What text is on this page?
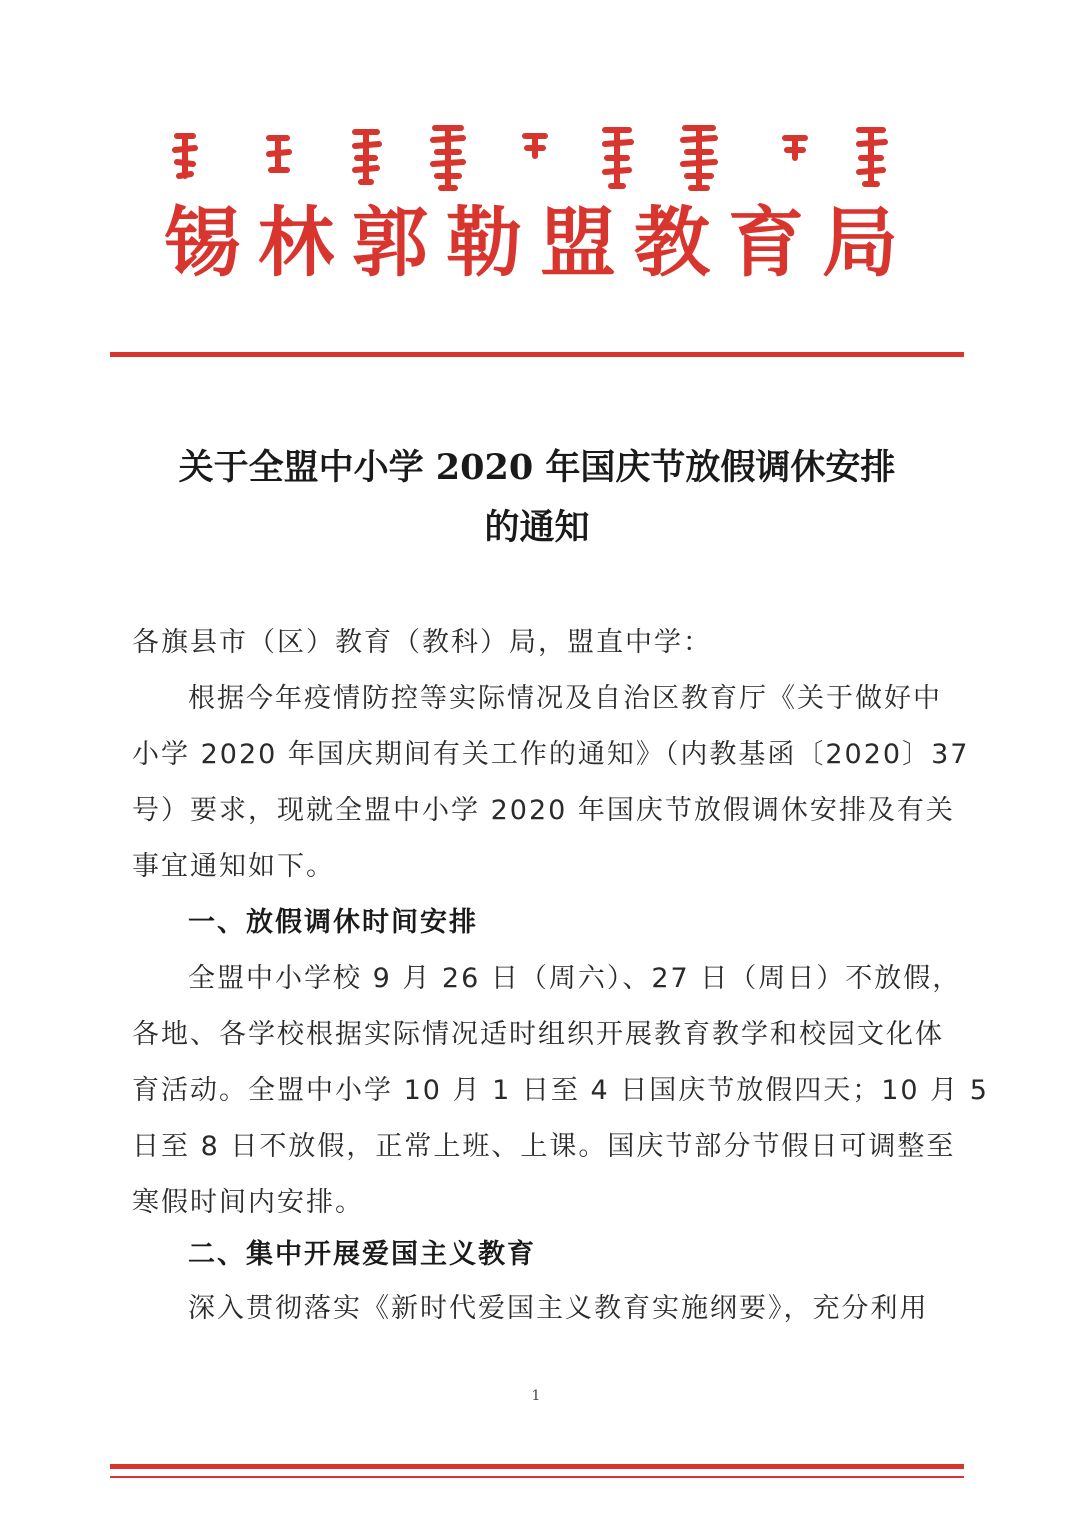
锡林郭勒盟教育局
关于全盟中小学 2020 年国庆节放假调休安排
的通知
各旗县市（区）教育（教科）局，盟直中学：
根据今年疫情防控等实际情况及自治区教育厅《关于做好中
小学 2020 年国庆期间有关工作的通知》（内教基函〔2020〕37
号）要求，现就全盟中小学 2020 年国庆节放假调休安排及有关
事宜通知如下。
一、放假调休时间安排
全盟中小学校 9 月 26 日（周六）、27 日（周日）不放假，
各地、各学校根据实际情况适时组织开展教育教学和校园文化体
育活动。全盟中小学 10 月 1 日至 4 日国庆节放假四天；10 月 5
日至 8 日不放假，正常上班、上课。国庆节部分节假日可调整至
寒假时间内安排。
二、集中开展爱国主义教育
深入贯彻落实《新时代爱国主义教育实施纲要》，充分利用
1
